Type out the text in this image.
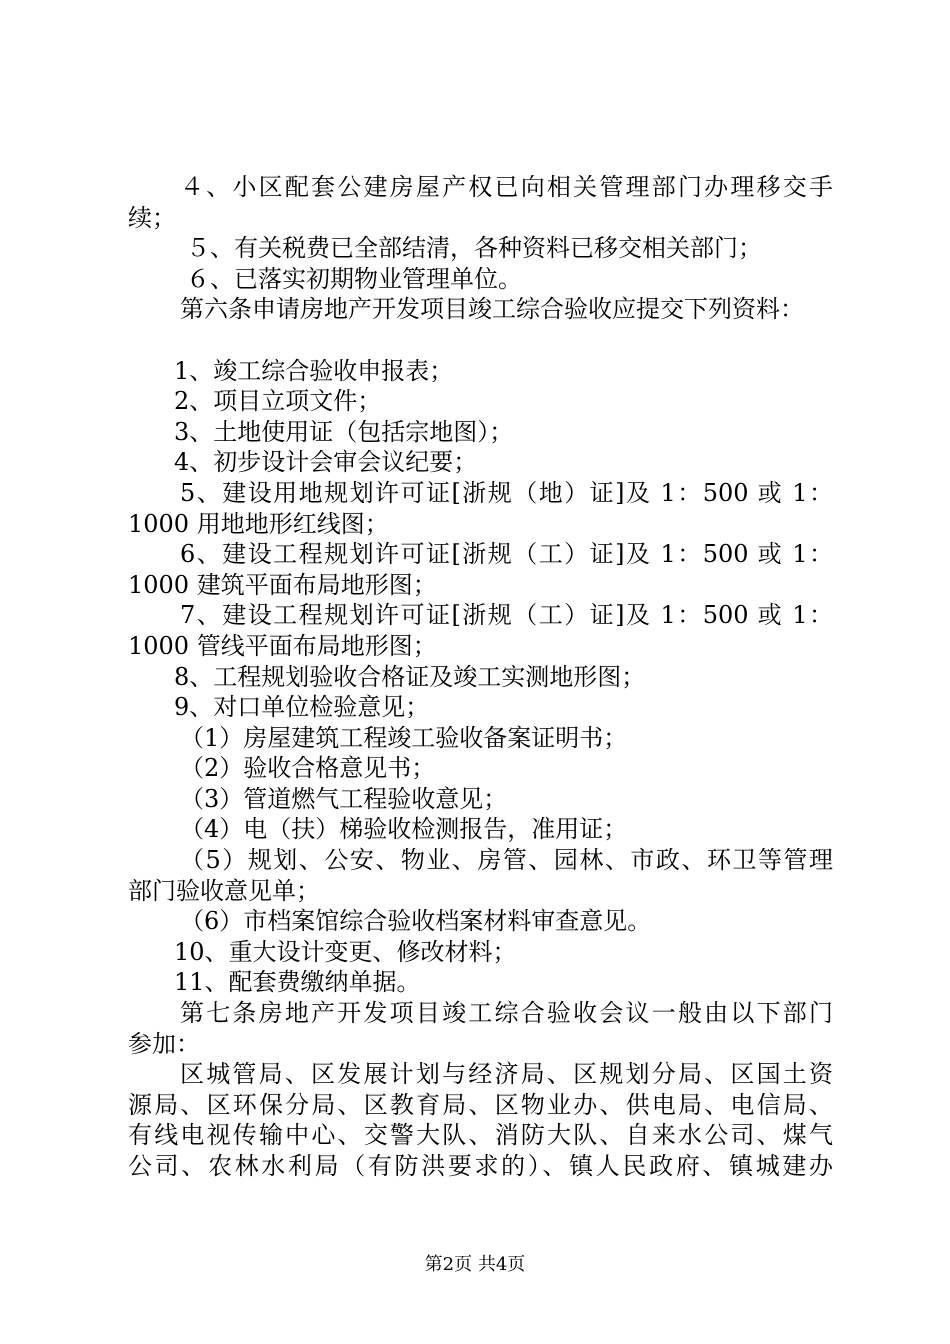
４、小区配套公建房屋产权已向相关管理部门办理移交手
续；
５、有关税费已全部结清，各种资料已移交相关部门；
６、已落实初期物业管理单位。
第六条申请房地产开发项目竣工综合验收应提交下列资料：
1、竣工综合验收申报表；
2、项目立项文件；
3、土地使用证（包括宗地图）；
4、初步设计会审会议纪要；
5、建设用地规划许可证[浙规（地）证]及 1：500 或 1：
1000 用地地形红线图；
6、建设工程规划许可证[浙规（工）证]及 1：500 或 1：
1000 建筑平面布局地形图；
7、建设工程规划许可证[浙规（工）证]及 1：500 或 1：
1000 管线平面布局地形图；
8、工程规划验收合格证及竣工实测地形图；
9、对口单位检验意见；
（1）房屋建筑工程竣工验收备案证明书；
（2）验收合格意见书；
（3）管道燃气工程验收意见；
（4）电（扶）梯验收检测报告，准用证；
（5）规划、公安、物业、房管、园林、市政、环卫等管理
部门验收意见单；
（6）市档案馆综合验收档案材料审查意见。
10、重大设计变更、修改材料；
11、配套费缴纳单据。
第七条房地产开发项目竣工综合验收会议一般由以下部门
参加：
区城管局、区发展计划与经济局、区规划分局、区国土资
源局、区环保分局、区教育局、区物业办、供电局、电信局、
有线电视传输中心、交警大队、消防大队、自来水公司、煤气
公司、农林水利局（有防洪要求的）、镇人民政府、镇城建办
第2页 共4页
